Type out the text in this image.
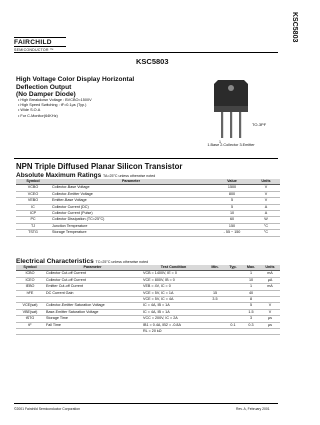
FAIRCHILD
SEMICONDUCTOR ™
KSC5803
KSC5803
High Voltage Color Display Horizontal
Deflection Output
(No Damper Diode)
• High Breakdown Voltage : BVCBO=1500V
• High Speed Switching : tF=0.1μs (Typ.)
• Wide S.O.A
• For C-Monitor(64KHz)
TO-3PF
1
1.Base 2.Collector 3.Emitter
NPN Triple Diffused Planar Silicon Transistor
Absolute Maximum Ratings TA=25°C unless otherwise noted
Symbol	Parameter	Value	Units
VCBO	Collector-Base Voltage	1500	V
VCEO	Collector-Emitter Voltage	800	V
VEBO	Emitter-Base Voltage	5	V
IC	Collector Current (DC)	5	A
ICP	Collector Current (Pulse)	10	A
PC	Collector Dissipation (TC=25°C)	60	W
TJ	Junction Temperature	150	°C
TSTG	Storage Temperature	- 55 ~ 150	°C
Electrical Characteristics TC=25°C unless otherwise noted
Symbol	Parameter	Test Condition	Min.	Typ.	Max.	Units
ICBO	Collector Cut-off Current	VCB = 1400V, IE = 0			1	mA
ICEO	Collector Cut-off Current	VCE = 800V, IB = 0			10	μA
IEBO	Emitter Cut-off Current	VEB = 4V, IC = 0			1	mA
hFE	DC Current Gain	VCE = 5V, IC = 1A	15		40	
		VCE = 5V, IC = 4A	3.5		8	
VCE(sat)	Collector-Emitter Saturation Voltage	IC = 4A, IB = 1A			5	V
VBE(sat)	Base-Emitter Saturation Voltage	IC = 4A, IB = 1A			1.5	V
tSTG	Storage Time	VCC = 200V, IC = 2A			3	μs
tF	Fall Time	IB1 = 0.4A, IB2 = -0.8A		0.1	0.3	μs
		RL = 20 kΩ				
©2001 Fairchild Semiconductor Corporation	Rev. A, February 2001
